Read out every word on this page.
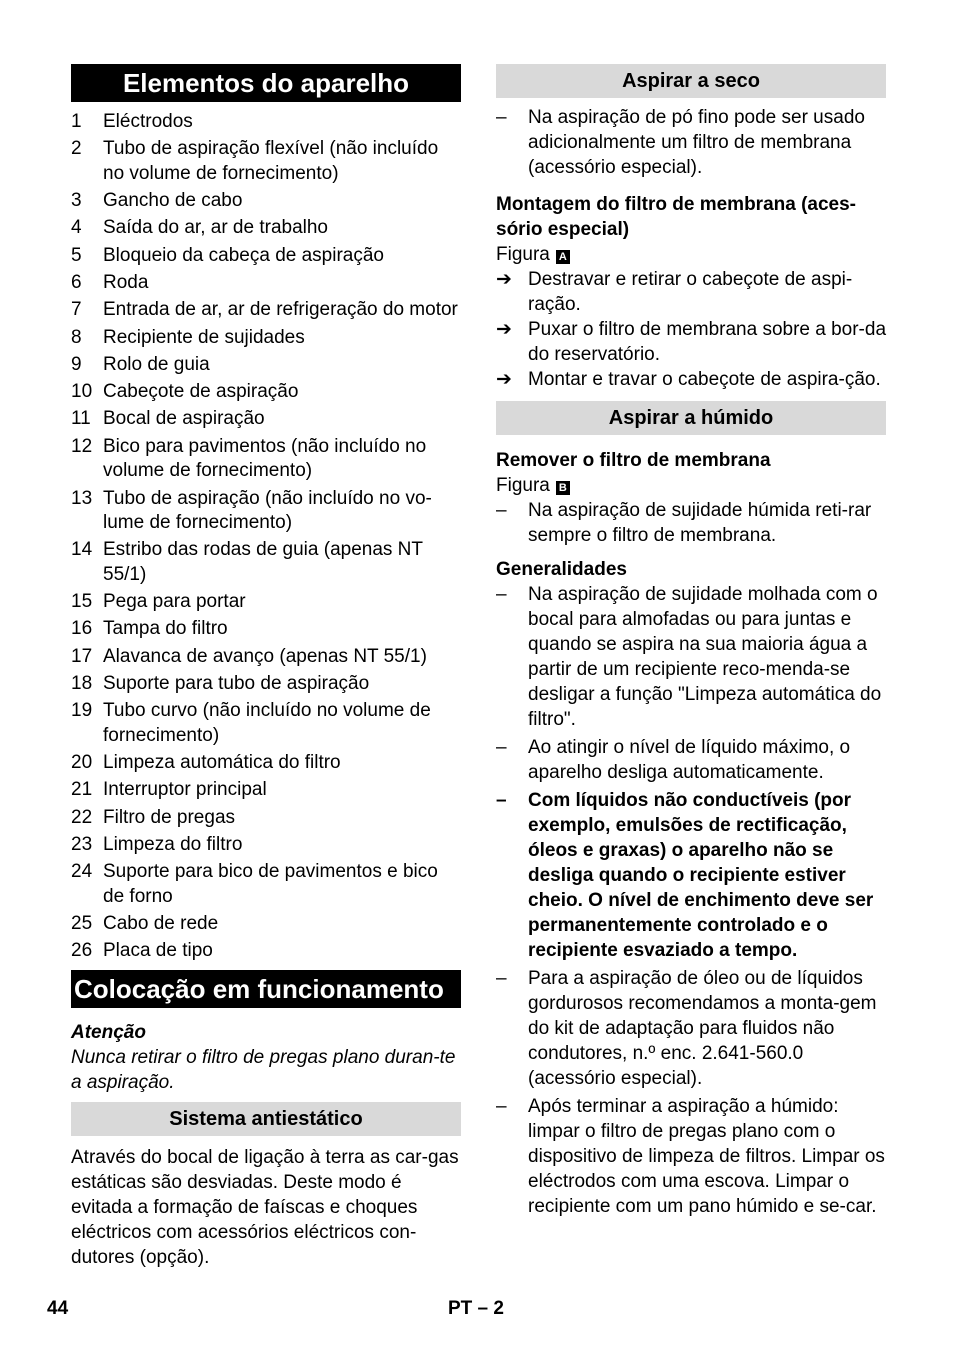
Elementos do aparelho
1	Eléctrodos
2	Tubo de aspiração flexível (não incluído no volume de fornecimento)
3	Gancho de cabo
4	Saída do ar, ar de trabalho
5	Bloqueio da cabeça de aspiração
6	Roda
7	Entrada de ar, ar de refrigeração do motor
8	Recipiente de sujidades
9	Rolo de guia
10 Cabeçote de aspiração
11 Bocal de aspiração
12 Bico para pavimentos (não incluído no volume de fornecimento)
13 Tubo de aspiração (não incluído no vo-lume de fornecimento)
14 Estribo das rodas de guia (apenas NT 55/1)
15 Pega para portar
16 Tampa do filtro
17 Alavanca de avanço (apenas NT 55/1)
18 Suporte para tubo de aspiração
19 Tubo curvo (não incluído no volume de fornecimento)
20 Limpeza automática do filtro
21 Interruptor principal
22 Filtro de pregas
23 Limpeza do filtro
24 Suporte para bico de pavimentos e bico de forno
25 Cabo de rede
26 Placa de tipo
Colocação em funcionamento

Atenção

Nunca retirar o filtro de pregas plano duran-te a aspiração.

Sistema antiestático

Através do bocal de ligação à terra as car-gas estáticas são desviadas. Deste modo é evitada a formação de faíscas e choques eléctricos com acessórios eléctricos con-dutores (opção).

Aspirar a seco
–	Na aspiração de pó fino pode ser usado adicionalmente um filtro de membrana (acessório especial).

Montagem do filtro de membrana (aces-sório especial)

Figura A

➔ Destravar e retirar o cabeçote de aspi-ração.
➔ Puxar o filtro de membrana sobre a bor-da do reservatório.
➔ Montar e travar o cabeçote de aspira-ção.
Aspirar a húmido

Remover o filtro de membrana

Figura B

–	Na aspiração de sujidade húmida reti-rar sempre o filtro de membrana.

Generalidades

–	Na aspiração de sujidade molhada com o bocal para almofadas ou para juntas e quando se aspira na sua maioria água a partir de um recipiente reco-menda-se desligar a função "Limpeza automática do filtro".
–	Ao atingir o nível de líquido máximo, o aparelho desliga automaticamente.
–	Com líquidos não conductíveis (por exemplo, emulsões de rectificação, óleos e graxas) o aparelho não se desliga quando o recipiente estiver cheio. O nível de enchimento deve ser permanentemente controlado e o recipiente esvaziado a tempo.
–	Para a aspiração de óleo ou de líquidos gordurosos recomendamos a monta-gem do kit de adaptação para fluidos não condutores, n.º enc. 2.641-560.0 (acessório especial).
–	Após terminar a aspiração a húmido: limpar o filtro de pregas plano com o dispositivo de limpeza de filtros. Limpar os eléctrodos com uma escova. Limpar o recipiente com um pano húmido e se-car.
44	PT – 2
